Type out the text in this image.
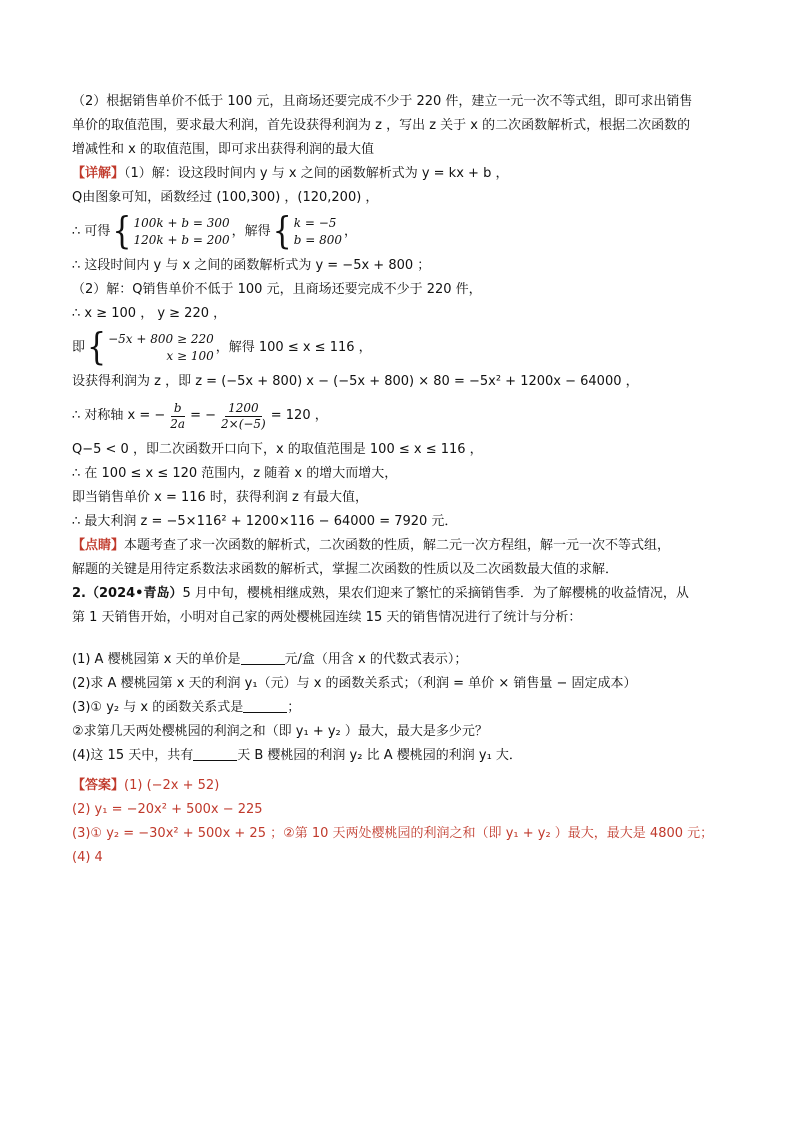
（2）根据销售单价不低于 100 元，且商场还要完成不少于 220 件，建立一元一次不等式组，即可求出销售

单价的取值范围，要求最大利润，首先设获得利润为 z ，写出 z 关于 x 的二次函数解析式，根据二次函数的

增减性和 x 的取值范围，即可求出获得利润的最大值

【详解】（1）解：设这段时间内 y 与 x 之间的函数解析式为 y = kx + b ，

Q由图象可知，函数经过 (100,300) ，(120,200) ，

∴ 可得 { 100k + b = 300
120k + b = 200
，解得 { k = −5
b = 800
，

∴ 这段时间内 y 与 x 之间的函数解析式为 y = −5x + 800 ；

（2）解：Q销售单价不低于 100 元，且商场还要完成不少于 220 件，

∴ x ≥ 100 ， y ≥ 220 ，

即 { −5x + 800 ≥ 220
x ≥ 100
，解得 100 ≤ x ≤ 116 ，

设获得利润为 z ，即 z = (−5x + 800) x − (−5x + 800) × 80 = −5x² + 1200x − 64000 ，

∴ 对称轴 x = − $\frac{b}{2a}$ = − $\frac{1200}{2\times(-5)} = 120$ ，

Q−5 < 0 ，即二次函数开口向下，x 的取值范围是 100 ≤ x ≤ 116 ，

∴ 在 100 ≤ x ≤ 120 范围内，z 随着 x 的增大而增大，

即当销售单价 x = 116 时，获得利润 z 有最大值，

∴ 最大利润 z = −5×116² + 1200×116 − 64000 = 7920 元．

【点睛】本题考查了求一次函数的解析式，二次函数的性质，解二元一次方程组，解一元一次不等式组，

解题的关键是用待定系数法求函数的解析式，掌握二次函数的性质以及二次函数最大值的求解．

2.（2024•青岛）5 月中旬，樱桃相继成熟，果农们迎来了繁忙的采摘销售季．为了解樱桃的收益情况，从

第 1 天销售开始，小明对自己家的两处樱桃园连续 15 天的销售情况进行了统计与分析：

(1) A 樱桃园第 x 天的单价是	元/盒（用含 x 的代数式表示）；

(2)求 A 樱桃园第 x 天的利润 y₁（元）与 x 的函数关系式；（利润 = 单价 × 销售量 − 固定成本）

(3)① y₂ 与 x 的函数关系式是	；

②求第几天两处樱桃园的利润之和（即 y₁ + y₂ ）最大，最大是多少元？

(4)这 15 天中，共有	天 B 樱桃园的利润 y₂ 比 A 樱桃园的利润 y₁ 大．

【答案】(1) (−2x + 52)

(2) y₁ = −20x² + 500x − 225

(3)① y₂ = −30x² + 500x + 25 ；②第 10 天两处樱桃园的利润之和（即 y₁ + y₂ ）最大，最大是 4800 元；

(4) 4
